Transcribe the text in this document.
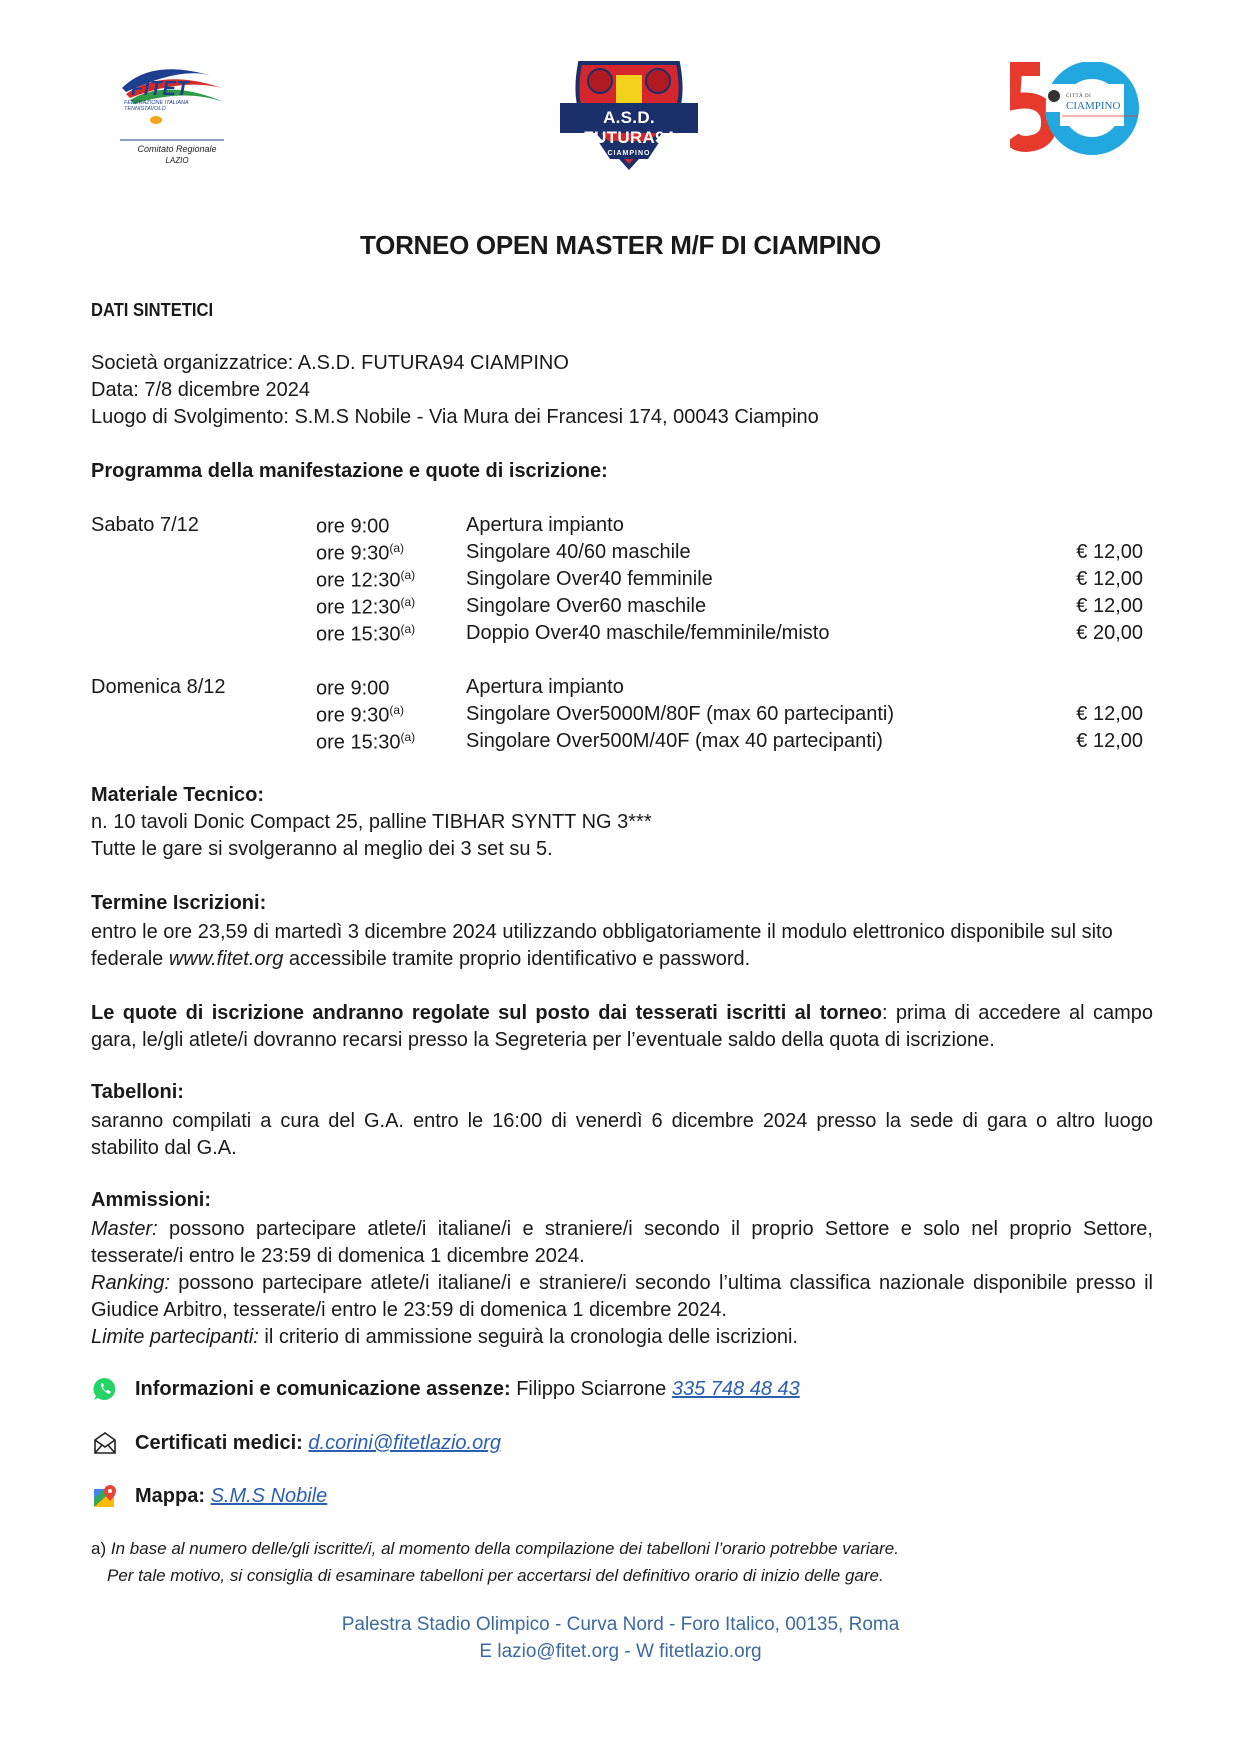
FITET
FEDERAZIONE ITALIANA TENNISTAVOLO
Comitato Regionale
LAZIO
A.S.D. FUTURA94
CIAMPINO
CITTÀ DI
CIAMPINO
TORNEO OPEN MASTER M/F DI CIAMPINO
DATI SINTETICI
Società organizzatrice: A.S.D. FUTURA94 CIAMPINO
Data: 7/8 dicembre 2024
Luogo di Svolgimento: S.M.S Nobile - Via Mura dei Francesi 174, 00043 Ciampino
Programma della manifestazione e quote di iscrizione:
Sabato 7/12	ore 9:00	Apertura impianto
ore 9:30$^{(a)}$	Singolare 40/60 maschile	€ 12,00
ore 12:30$^{(a)}$	Singolare Over40 femminile	€ 12,00
ore 12:30$^{(a)}$	Singolare Over60 maschile	€ 12,00
ore 15:30$^{(a)}$	Doppio Over40 maschile/femminile/misto	€ 20,00
Domenica 8/12	ore 9:00	Apertura impianto
ore 9:30$^{(a)}$	Singolare Over5000M/80F (max 60 partecipanti)	€ 12,00
ore 15:30$^{(a)}$	Singolare Over500M/40F (max 40 partecipanti)	€ 12,00
Materiale Tecnico:
n. 10 tavoli Donic Compact 25, palline TIBHAR SYNTT NG 3***
Tutte le gare si svolgeranno al meglio dei 3 set su 5.
Termine Iscrizioni:
entro le ore 23,59 di martedì 3 dicembre 2024 utilizzando obbligatoriamente il modulo elettronico disponibile sul sito federale www.fitet.org accessibile tramite proprio identificativo e password.
Le quote di iscrizione andranno regolate sul posto dai tesserati iscritti al torneo: prima di accedere al campo gara, le/gli atlete/i dovranno recarsi presso la Segreteria per l’eventuale saldo della quota di iscrizione.
Tabelloni:
saranno compilati a cura del G.A. entro le 16:00 di venerdì 6 dicembre 2024 presso la sede di gara o altro luogo stabilito dal G.A.
Ammissioni:
Master: possono partecipare atlete/i italiane/i e straniere/i secondo il proprio Settore e solo nel proprio Settore, tesserate/i entro le 23:59 di domenica 1 dicembre 2024.
Ranking: possono partecipare atlete/i italiane/i e straniere/i secondo l’ultima classifica nazionale disponibile presso il Giudice Arbitro, tesserate/i entro le 23:59 di domenica 1 dicembre 2024.
Limite partecipanti: il criterio di ammissione seguirà la cronologia delle iscrizioni.
Informazioni e comunicazione assenze: Filippo Sciarrone 335 748 48 43
Certificati medici: d.corini@fitetlazio.org
Mappa: S.M.S Nobile
a) In base al numero delle/gli iscritte/i, al momento della compilazione dei tabelloni l’orario potrebbe variare.
Per tale motivo, si consiglia di esaminare tabelloni per accertarsi del definitivo orario di inizio delle gare.
Palestra Stadio Olimpico - Curva Nord - Foro Italico, 00135, Roma
E lazio@fitet.org - W fitetlazio.org
